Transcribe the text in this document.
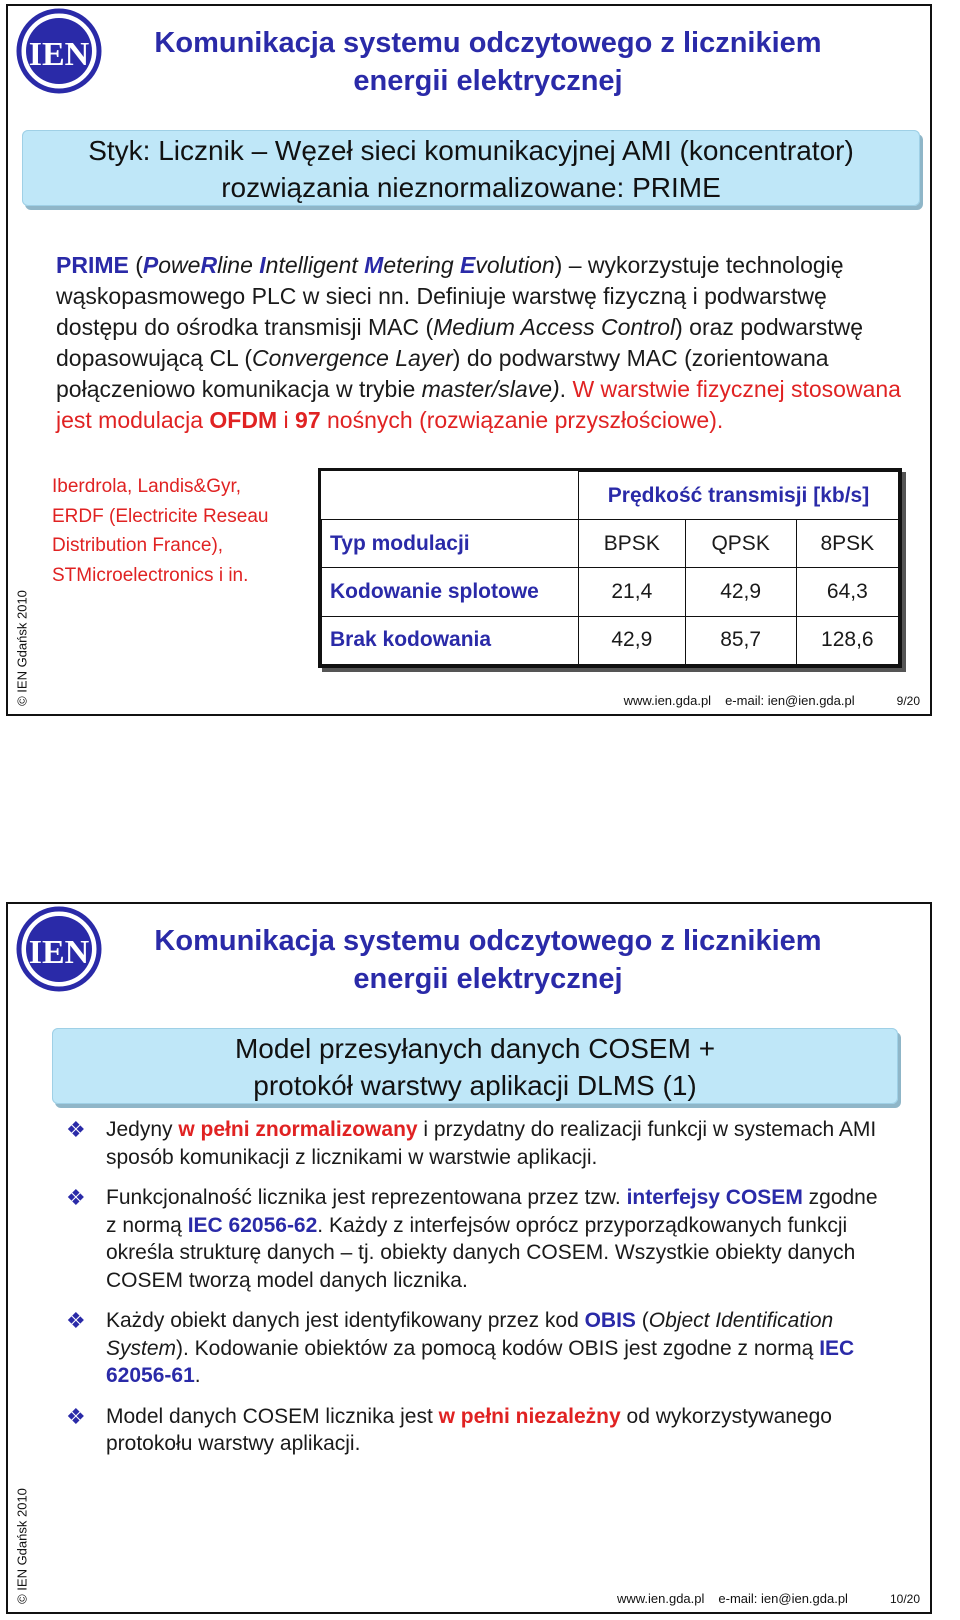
IEN	Komunikacja systemu odczytowego z licznikiem
energii elektrycznej
Styk: Licznik – Węzeł sieci komunikacyjnej AMI (koncentrator)
rozwiązania nieznormalizowane: PRIME
PRIME (PoweRline Intelligent Metering Evolution) – wykorzystuje technologię wąskopasmowego PLC w sieci nn. Definiuje warstwę fizyczną i podwarstwę dostępu do ośrodka transmisji MAC (Medium Access Control) oraz podwarstwę dopasowującą CL (Convergence Layer) do podwarstwy MAC (zorientowana połączeniowo komunikacja w trybie master/slave). W warstwie fizycznej stosowana jest modulacja OFDM i 97 nośnych (rozwiązanie przyszłościowe).
Iberdrola, Landis&Gyr, ERDF (Electricite Reseau Distribution France), STMicroelectronics i in.
	Prędkość transmisji [kb/s]		
Typ modulacji	BPSK	QPSK	8PSK
Kodowanie splotowe	21,4	42,9	64,3
Brak kodowania	42,9	85,7	128,6
© IEN Gdańsk 2010	www.ien.gda.pl e-mail: ien@ien.gda.pl	9/20
IEN	Komunikacja systemu odczytowego z licznikiem
energii elektrycznej
Model przesyłanych danych COSEM +
protokół warstwy aplikacji DLMS (1)
❖ Jedyny w pełni znormalizowany i przydatny do realizacji funkcji w systemach AMI sposób komunikacji z licznikami w warstwie aplikacji.
❖ Funkcjonalność licznika jest reprezentowana przez tzw. interfejsy COSEM zgodne z normą IEC 62056-62. Każdy z interfejsów oprócz przyporządkowanych funkcji określa strukturę danych – tj. obiekty danych COSEM. Wszystkie obiekty danych COSEM tworzą model danych licznika.
❖ Każdy obiekt danych jest identyfikowany przez kod OBIS (Object Identification System). Kodowanie obiektów za pomocą kodów OBIS jest zgodne z normą IEC 62056-61.
❖ Model danych COSEM licznika jest w pełni niezależny od wykorzystywanego protokołu warstwy aplikacji.
© IEN Gdańsk 2010	www.ien.gda.pl e-mail: ien@ien.gda.pl	10/20
